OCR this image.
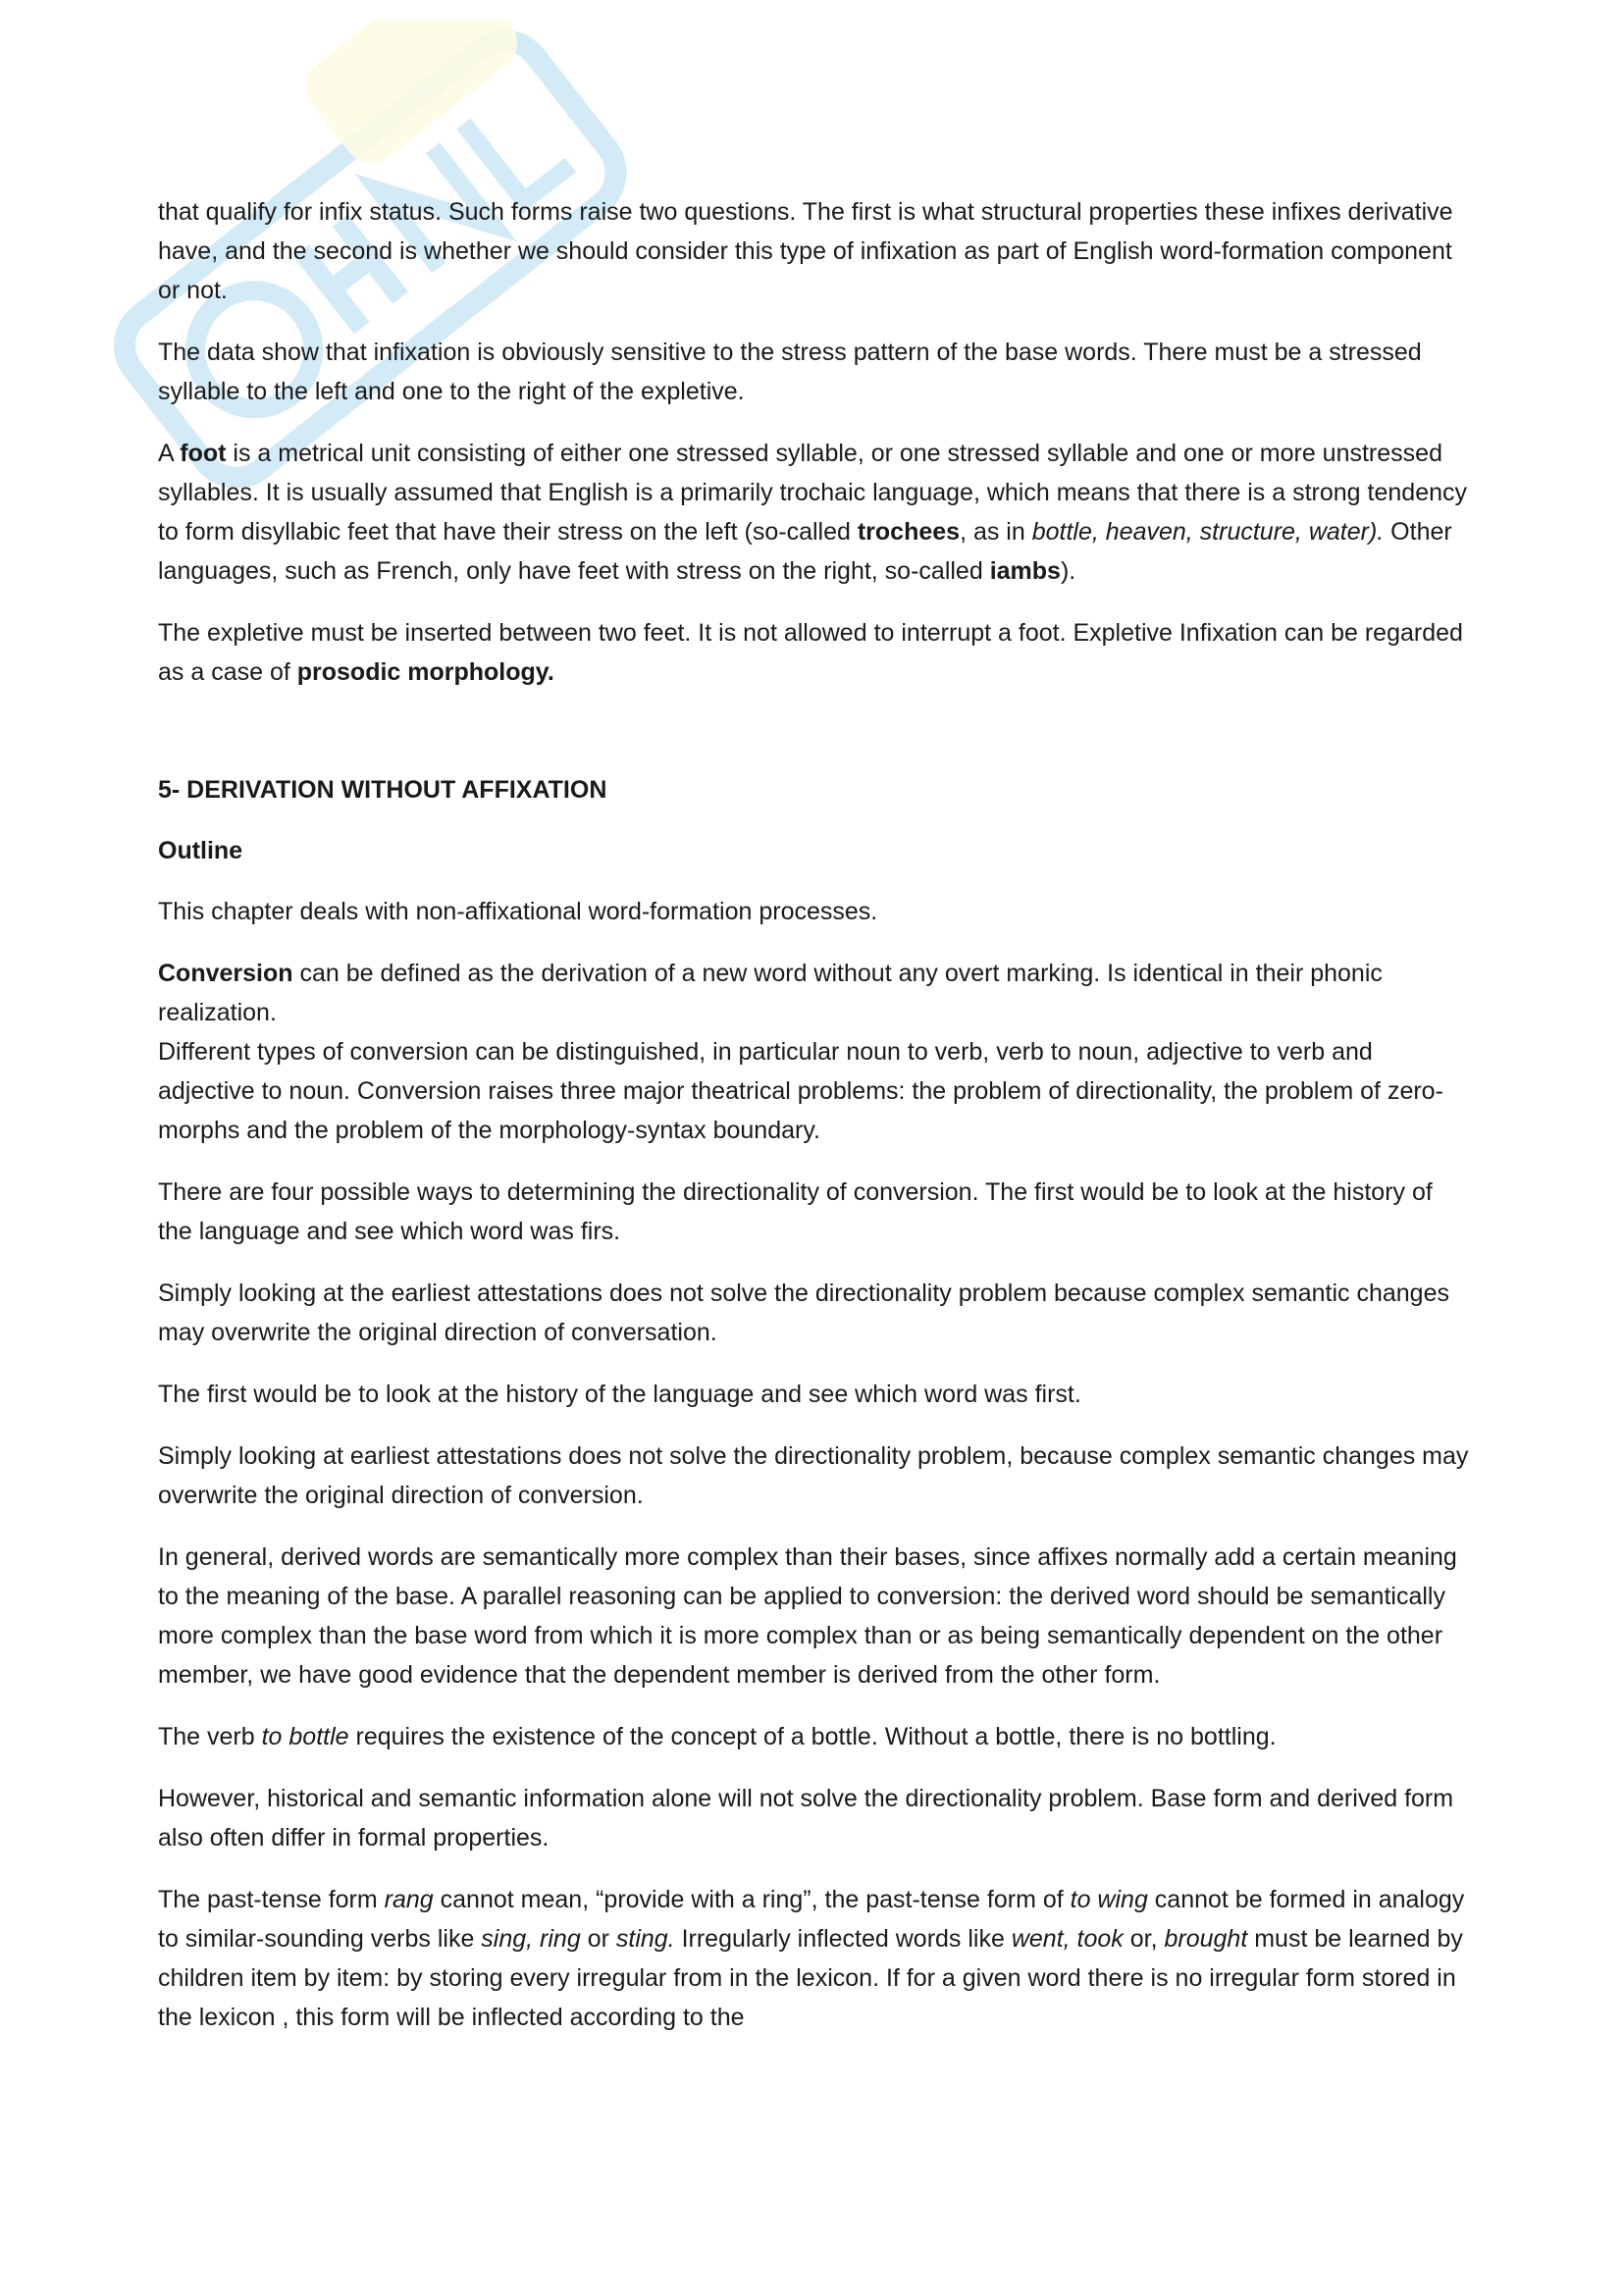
that qualify for infix status. Such forms raise two questions. The first is what structural properties these infixes derivative have, and the second is whether we should consider this type of infixation as part of English word-formation component or not.

The data show that infixation is obviously sensitive to the stress pattern of the base words. There must be a stressed syllable to the left and one to the right of the expletive.

A foot is a metrical unit consisting of either one stressed syllable, or one stressed syllable and one or more unstressed syllables. It is usually assumed that English is a primarily trochaic language, which means that there is a strong tendency to form disyllabic feet that have their stress on the left (so-called trochees, as in bottle, heaven, structure, water). Other languages, such as French, only have feet with stress on the right, so-called iambs).

The expletive must be inserted between two feet. It is not allowed to interrupt a foot. Expletive Infixation can be regarded as a case of prosodic morphology.

5- DERIVATION WITHOUT AFFIXATION

Outline

This chapter deals with non-affixational word-formation processes.

Conversion can be defined as the derivation of a new word without any overt marking. Is identical in their phonic realization.

Different types of conversion can be distinguished, in particular noun to verb, verb to noun, adjective to verb and adjective to noun. Conversion raises three major theatrical problems: the problem of directionality, the problem of zero-morphs and the problem of the morphology-syntax boundary.

There are four possible ways to determining the directionality of conversion. The first would be to look at the history of the language and see which word was firs.

Simply looking at the earliest attestations does not solve the directionality problem because complex semantic changes may overwrite the original direction of conversation.

The first would be to look at the history of the language and see which word was first.

Simply looking at earliest attestations does not solve the directionality problem, because complex semantic changes may overwrite the original direction of conversion.

In general, derived words are semantically more complex than their bases, since affixes normally add a certain meaning to the meaning of the base. A parallel reasoning can be applied to conversion: the derived word should be semantically more complex than the base word from which it is more complex than or as being semantically dependent on the other member, we have good evidence that the dependent member is derived from the other form.

The verb to bottle requires the existence of the concept of a bottle. Without a bottle, there is no bottling.

However, historical and semantic information alone will not solve the directionality problem. Base form and derived form also often differ in formal properties.

The past-tense form rang cannot mean, “provide with a ring”, the past-tense form of to wing cannot be formed in analogy to similar-sounding verbs like sing, ring or sting. Irregularly inflected words like went, took or, brought must be learned by children item by item: by storing every irregular from in the lexicon. If for a given word there is no irregular form stored in the lexicon , this form will be inflected according to the
